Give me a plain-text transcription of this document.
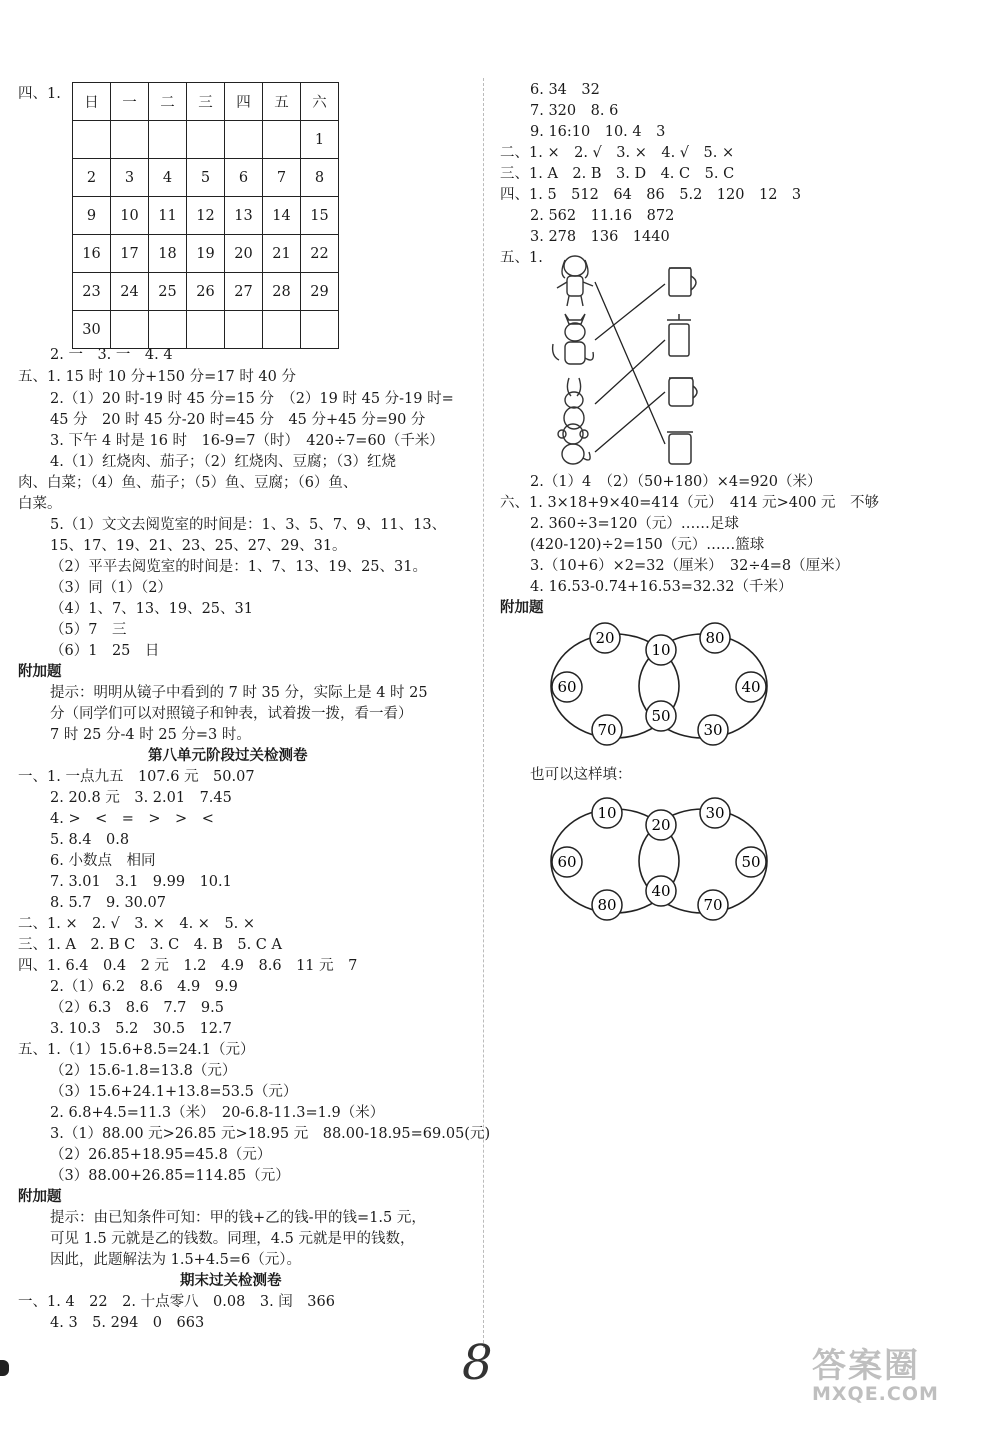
四、1.
日	一	二	三	四	五	六
						1
2	3	4	5	6	7	8
9	10	11	12	13	14	15
16	17	18	19	20	21	22
23	24	25	26	27	28	29
30						
2. 一　3. 一　4. 4
五、1. 15 时 10 分+150 分=17 时 40 分
2.（1）20 时-19 时 45 分=15 分　（2）19 时 45 分-19 时=
45 分　20 时 45 分-20 时=45 分　45 分+45 分=90 分
3. 下午 4 时是 16 时　16-9=7（时）　420÷7=60（千米）
4.（1）红烧肉、茄子；（2）红烧肉、豆腐；（3）红烧
肉、白菜；（4）鱼、茄子；（5）鱼、豆腐；（6）鱼、
白菜。
5.（1）文文去阅览室的时间是：1、3、5、7、9、11、13、
15、17、19、21、23、25、27、29、31。
（2）平平去阅览室的时间是：1、7、13、19、25、31。
（3）同（1）（2）
（4）1、7、13、19、25、31
（5）7　三
（6）1　25　日
附加题
提示：明明从镜子中看到的 7 时 35 分，实际上是 4 时 25
分（同学们可以对照镜子和钟表，试着拨一拨，看一看）
7 时 25 分-4 时 25 分=3 时。
第八单元阶段过关检测卷
一、1. 一点九五　107.6 元　50.07
2. 20.8 元　3. 2.01　7.45
4. >　<　=　>　>　<
5. 8.4　0.8
6. 小数点　相同
7. 3.01　3.1　9.99　10.1
8. 5.7　9. 30.07
二、1. ×　2. √　3. ×　4. ×　5. ×
三、1. A　2. B C　3. C　4. B　5. C A
四、1. 6.4　0.4　2 元　1.2　4.9　8.6　11 元　7
2.（1）6.2　8.6　4.9　9.9
（2）6.3　8.6　7.7　9.5
3. 10.3　5.2　30.5　12.7
五、1.（1）15.6+8.5=24.1（元）
（2）15.6-1.8=13.8（元）
（3）15.6+24.1+13.8=53.5（元）
2. 6.8+4.5=11.3（米）　20-6.8-11.3=1.9（米）
3.（1）88.00 元>26.85 元>18.95 元　88.00-18.95=69.05(元)
（2）26.85+18.95=45.8（元）
（3）88.00+26.85=114.85（元）
附加题
提示：由已知条件可知：甲的钱+乙的钱-甲的钱=1.5 元，
可见 1.5 元就是乙的钱数。同理，4.5 元就是甲的钱数，
因此，此题解法为 1.5+4.5=6（元）。
期末过关检测卷
一、1. 4　22　2. 十点零八　0.08　3. 闰　366
4. 3　5. 294　0　663
6. 34　32
7. 320　8. 6
9. 16:10　10. 4　3
二、1. ×　2. √　3. ×　4. √　5. ×
三、1. A　2. B　3. D　4. C　5. C
四、1. 5　512　64　86　5.2　120　12　3
2. 562　11.16　872
3. 278　136　1440
五、1.
2.（1）4　（2）（50+180）×4=920（米）
六、1. 3×18+9×40=414（元）　414 元>400 元　不够
2. 360÷3=120（元）……足球
(420-120)÷2=150（元）……篮球
3.（10+6）×2=32（厘米）　32÷4=8（厘米）
4. 16.53-0.74+16.53=32.32（千米）
附加题
20
10
80
60	40
50
70	30
也可以这样填：
10
20
30
60	50
40
80	70
8	答案圈
MXQE.COM
